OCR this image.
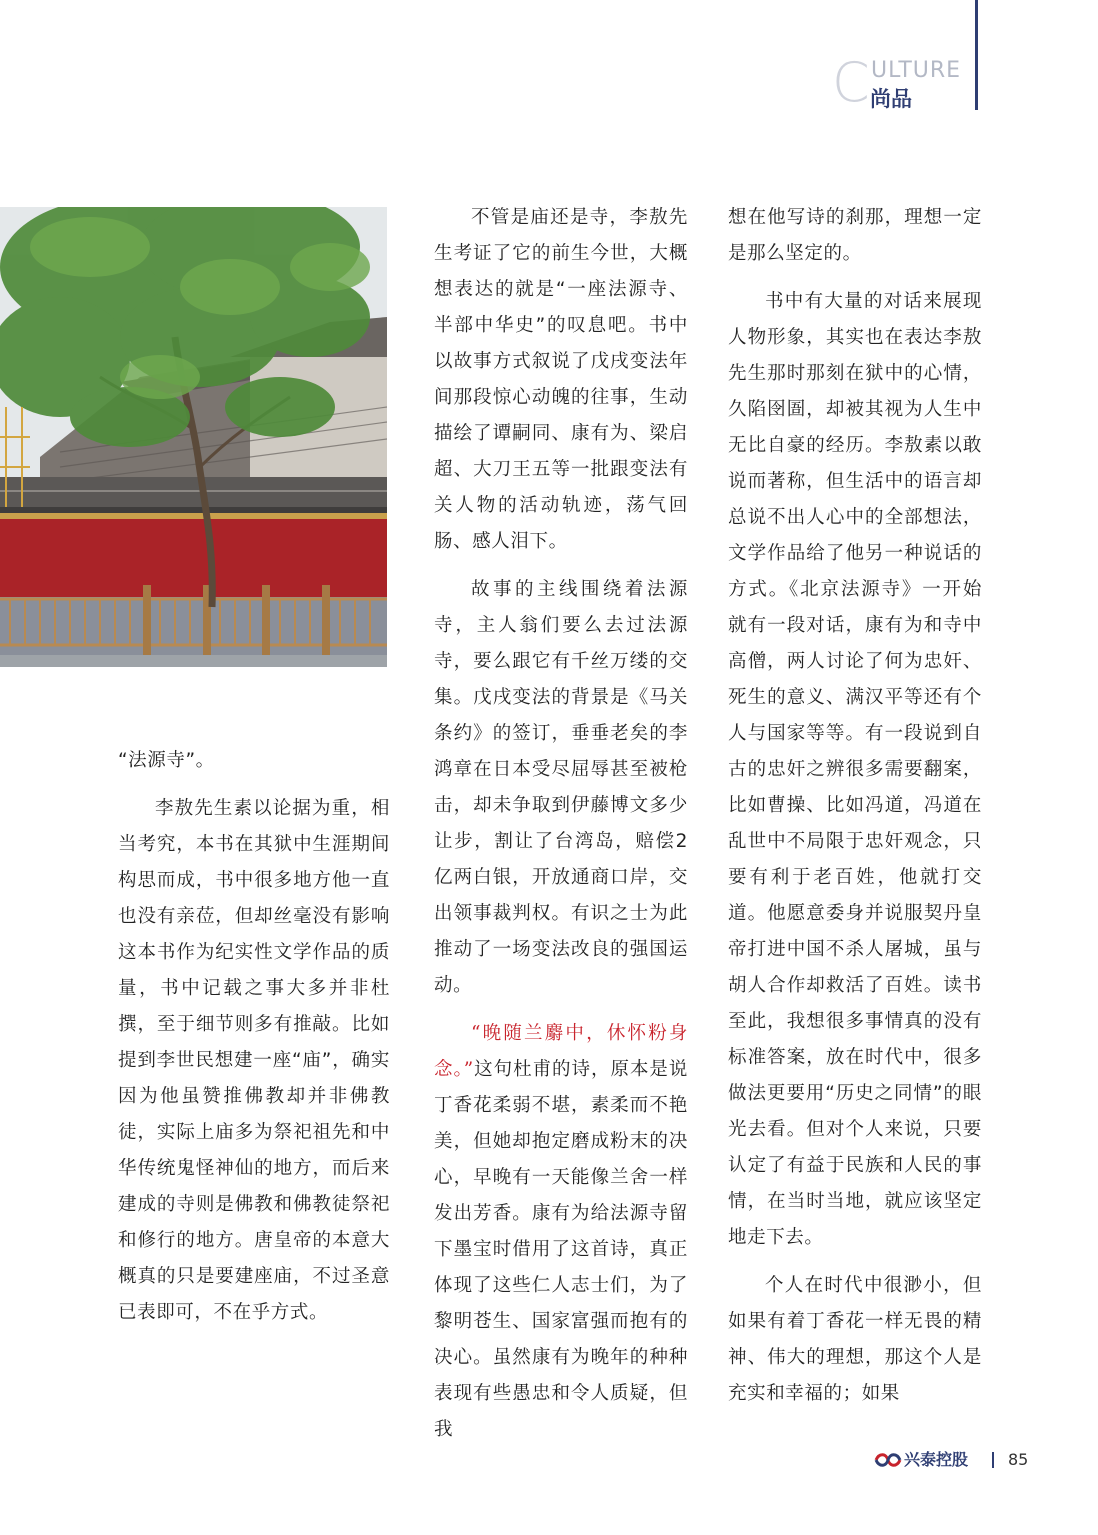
C ULTURE
尚品

“法源寺”。

李敖先生素以论据为重，相当考究，本书在其狱中生涯期间构思而成，书中很多地方他一直也没有亲莅，但却丝毫没有影响这本书作为纪实性文学作品的质量，书中记载之事大多并非杜撰，至于细节则多有推敲。比如提到李世民想建一座“庙”，确实因为他虽赞推佛教却并非佛教徒，实际上庙多为祭祀祖先和中华传统鬼怪神仙的地方，而后来建成的寺则是佛教和佛教徒祭祀和修行的地方。唐皇帝的本意大概真的只是要建座庙，不过圣意已表即可，不在乎方式。

不管是庙还是寺，李敖先生考证了它的前生今世，大概想表达的就是“一座法源寺、半部中华史”的叹息吧。书中以故事方式叙说了戊戌变法年间那段惊心动魄的往事，生动描绘了谭嗣同、康有为、梁启超、大刀王五等一批跟变法有关人物的活动轨迹，荡气回肠、感人泪下。

故事的主线围绕着法源寺，主人翁们要么去过法源寺，要么跟它有千丝万缕的交集。戊戌变法的背景是《马关条约》的签订，垂垂老矣的李鸿章在日本受尽屈辱甚至被枪击，却未争取到伊藤博文多少让步，割让了台湾岛，赔偿2亿两白银，开放通商口岸，交出领事裁判权。有识之士为此推动了一场变法改良的强国运动。

“晚随兰麝中，休怀粉身念。”这句杜甫的诗，原本是说丁香花柔弱不堪，素柔而不艳美，但她却抱定磨成粉末的决心，早晚有一天能像兰舍一样发出芳香。康有为给法源寺留下墨宝时借用了这首诗，真正体现了这些仁人志士们，为了黎明苍生、国家富强而抱有的决心。虽然康有为晚年的种种表现有些愚忠和令人质疑，但我

想在他写诗的刹那，理想一定是那么坚定的。

书中有大量的对话来展现人物形象，其实也在表达李敖先生那时那刻在狱中的心情，久陷囹圄，却被其视为人生中无比自豪的经历。李敖素以敢说而著称，但生活中的语言却总说不出人心中的全部想法，文学作品给了他另一种说话的方式。《北京法源寺》一开始就有一段对话，康有为和寺中高僧，两人讨论了何为忠奸、死生的意义、满汉平等还有个人与国家等等。有一段说到自古的忠奸之辨很多需要翻案，比如曹操、比如冯道，冯道在乱世中不局限于忠奸观念，只要有利于老百姓，他就打交道。他愿意委身并说服契丹皇帝打进中国不杀人屠城，虽与胡人合作却救活了百姓。读书至此，我想很多事情真的没有标准答案，放在时代中，很多做法更要用“历史之同情”的眼光去看。但对个人来说，只要认定了有益于民族和人民的事情，在当时当地，就应该坚定地走下去。

个人在时代中很渺小，但如果有着丁香花一样无畏的精神、伟大的理想，那这个人是充实和幸福的；如果

兴泰控股 85
